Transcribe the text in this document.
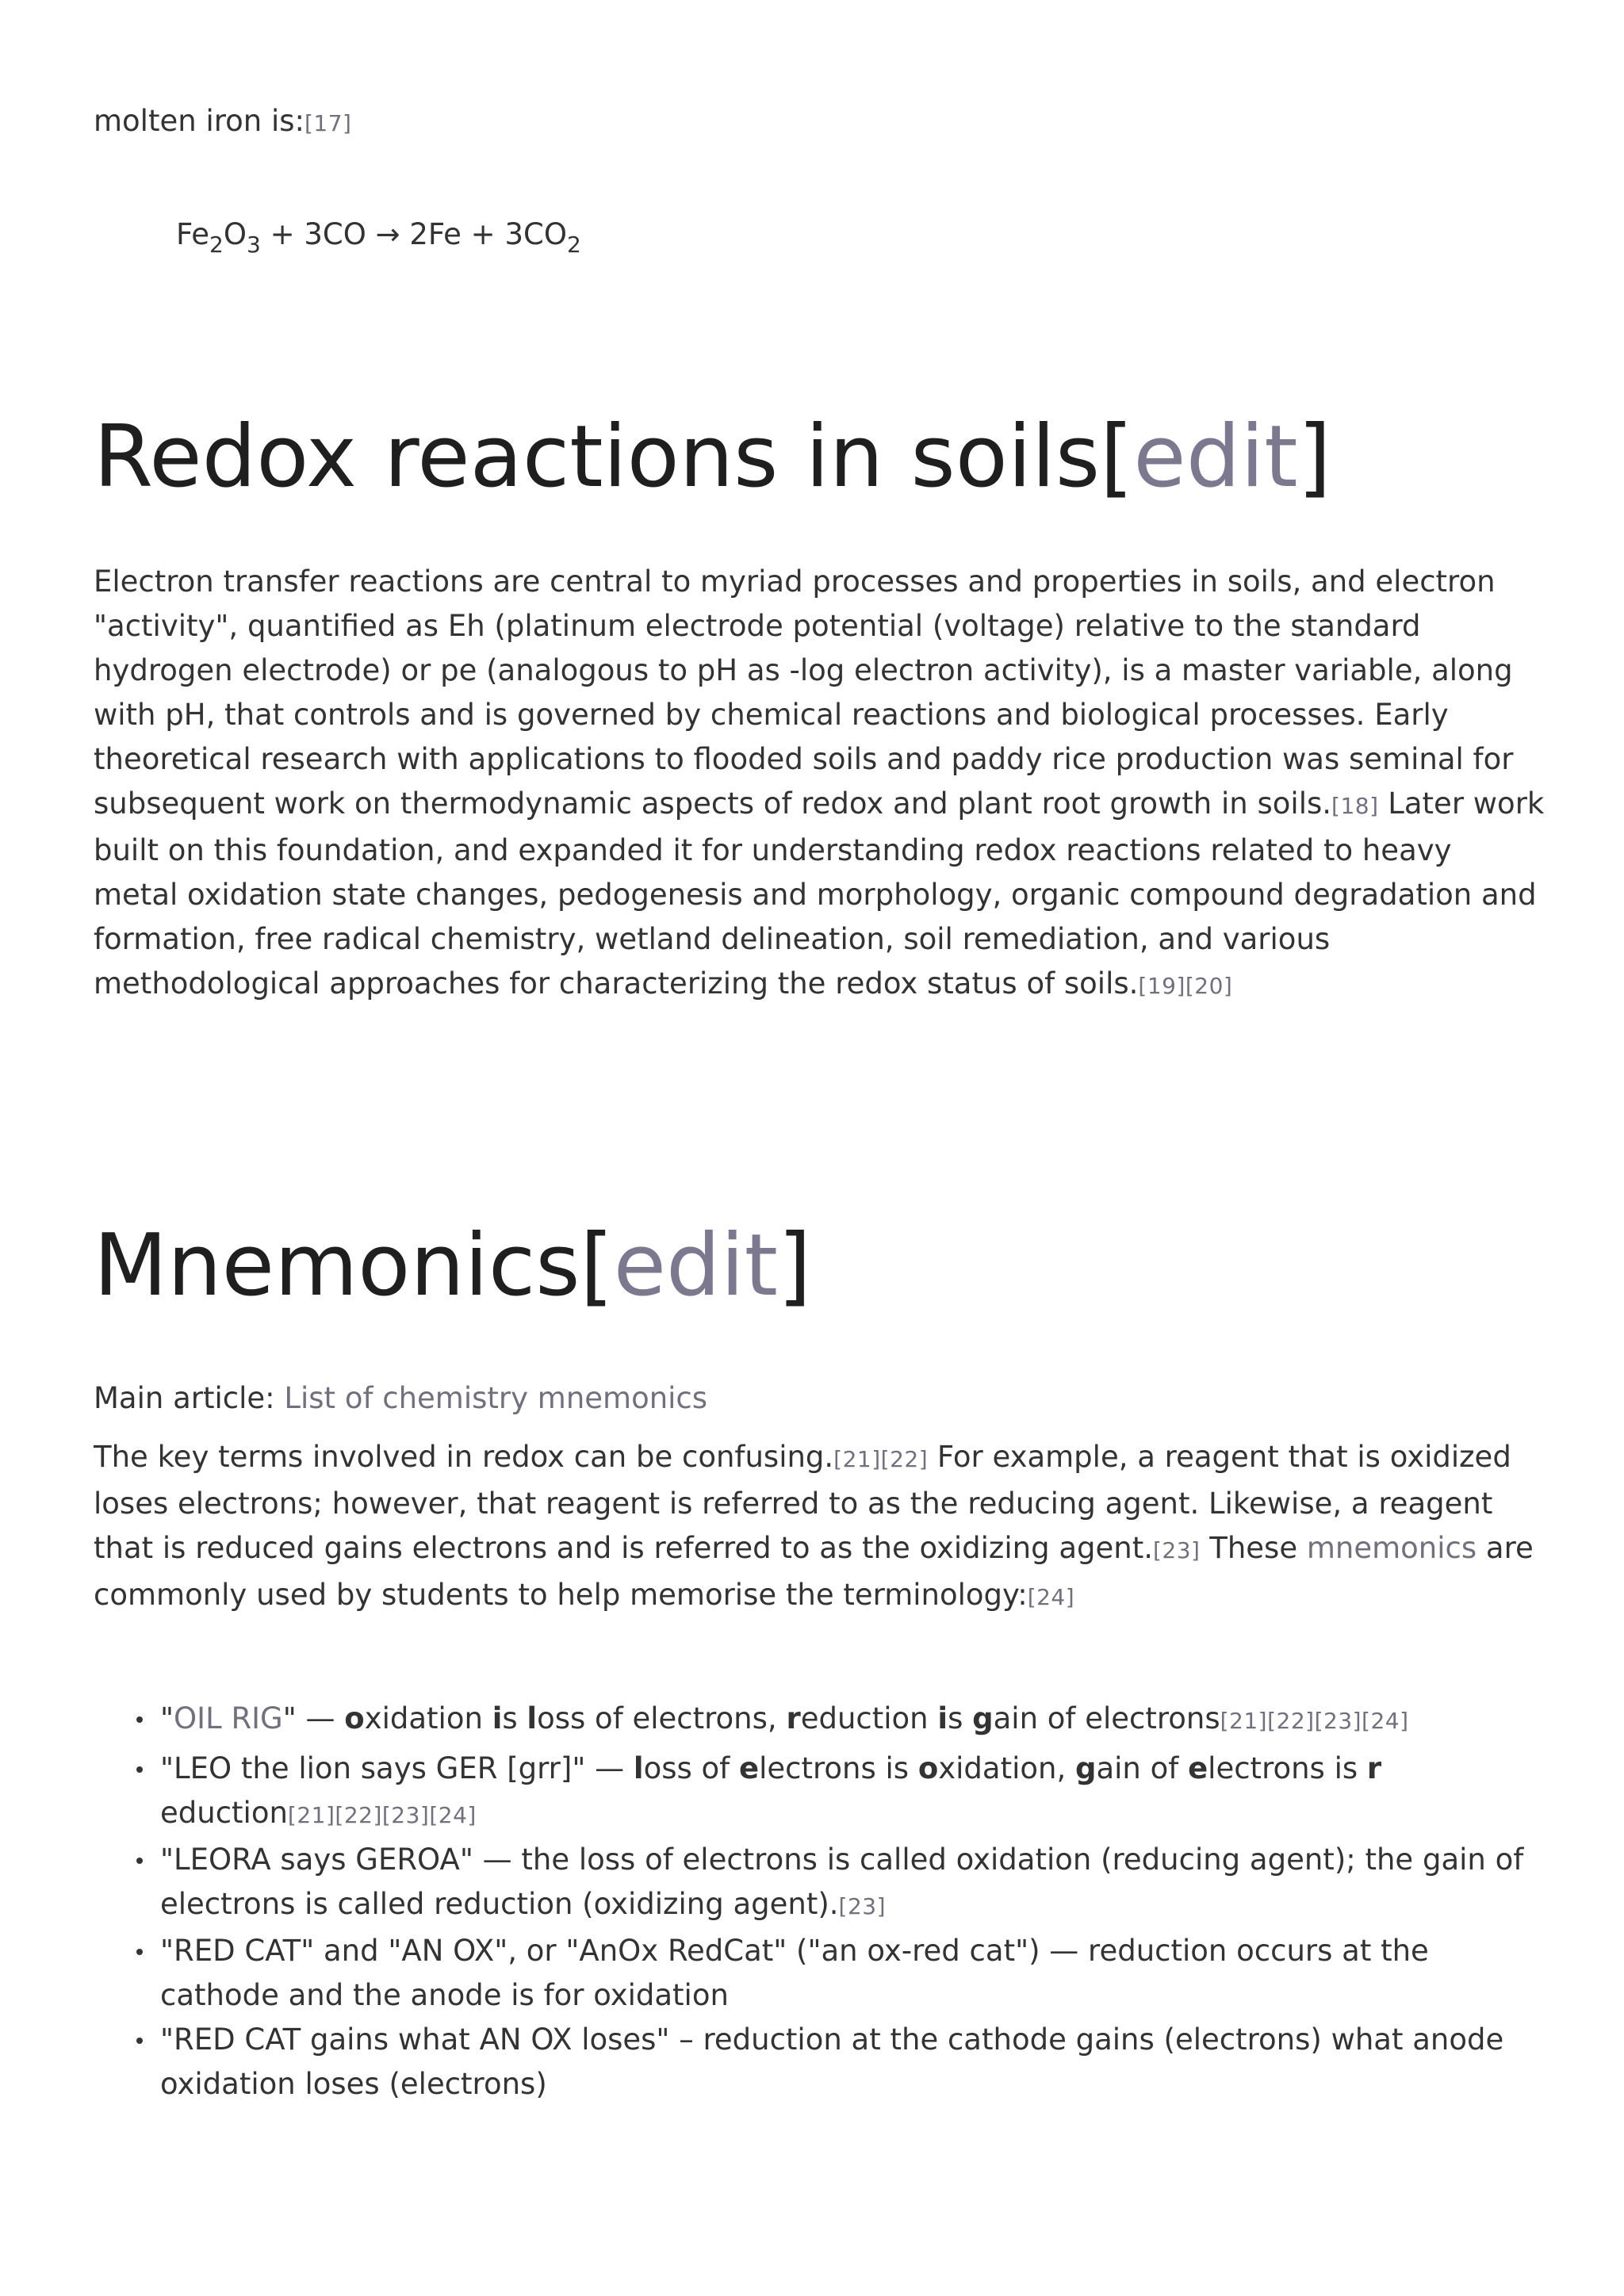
molten iron is:[17]

$Fe_2O_3 + 3CO \to 2Fe + 3CO_2$
Redox reactions in soils[edit]

Electron transfer reactions are central to myriad processes and properties in soils, and electron "activity", quantified as Eh (platinum electrode potential (voltage) relative to the standard hydrogen electrode) or pe (analogous to pH as -log electron activity), is a master variable, along with pH, that controls and is governed by chemical reactions and biological processes. Early theoretical research with applications to flooded soils and paddy rice production was seminal for subsequent work on thermodynamic aspects of redox and plant root growth in soils.[18] Later work built on this foundation, and expanded it for understanding redox reactions related to heavy metal oxidation state changes, pedogenesis and morphology, organic compound degradation and formation, free radical chemistry, wetland delineation, soil remediation, and various methodological approaches for characterizing the redox status of soils.[19][20]

Mnemonics[edit]

Main article: List of chemistry mnemonics

The key terms involved in redox can be confusing.[21][22] For example, a reagent that is oxidized loses electrons; however, that reagent is referred to as the reducing agent. Likewise, a reagent that is reduced gains electrons and is referred to as the oxidizing agent.[23] These mnemonics are commonly used by students to help memorise the terminology:[24]

"OIL RIG" — oxidation is loss of electrons, reduction is gain of electrons[21][22][23][24]
"LEO the lion says GER [grr]" — loss of electrons is oxidation, gain of electrons is r eduction[21][22][23][24]
"LEORA says GEROA" — the loss of electrons is called oxidation (reducing agent); the gain of electrons is called reduction (oxidizing agent).[23]
"RED CAT" and "AN OX", or "AnOx RedCat" ("an ox-red cat") — reduction occurs at the cathode and the anode is for oxidation
"RED CAT gains what AN OX loses" – reduction at the cathode gains (electrons) what anode oxidation loses (electrons)
